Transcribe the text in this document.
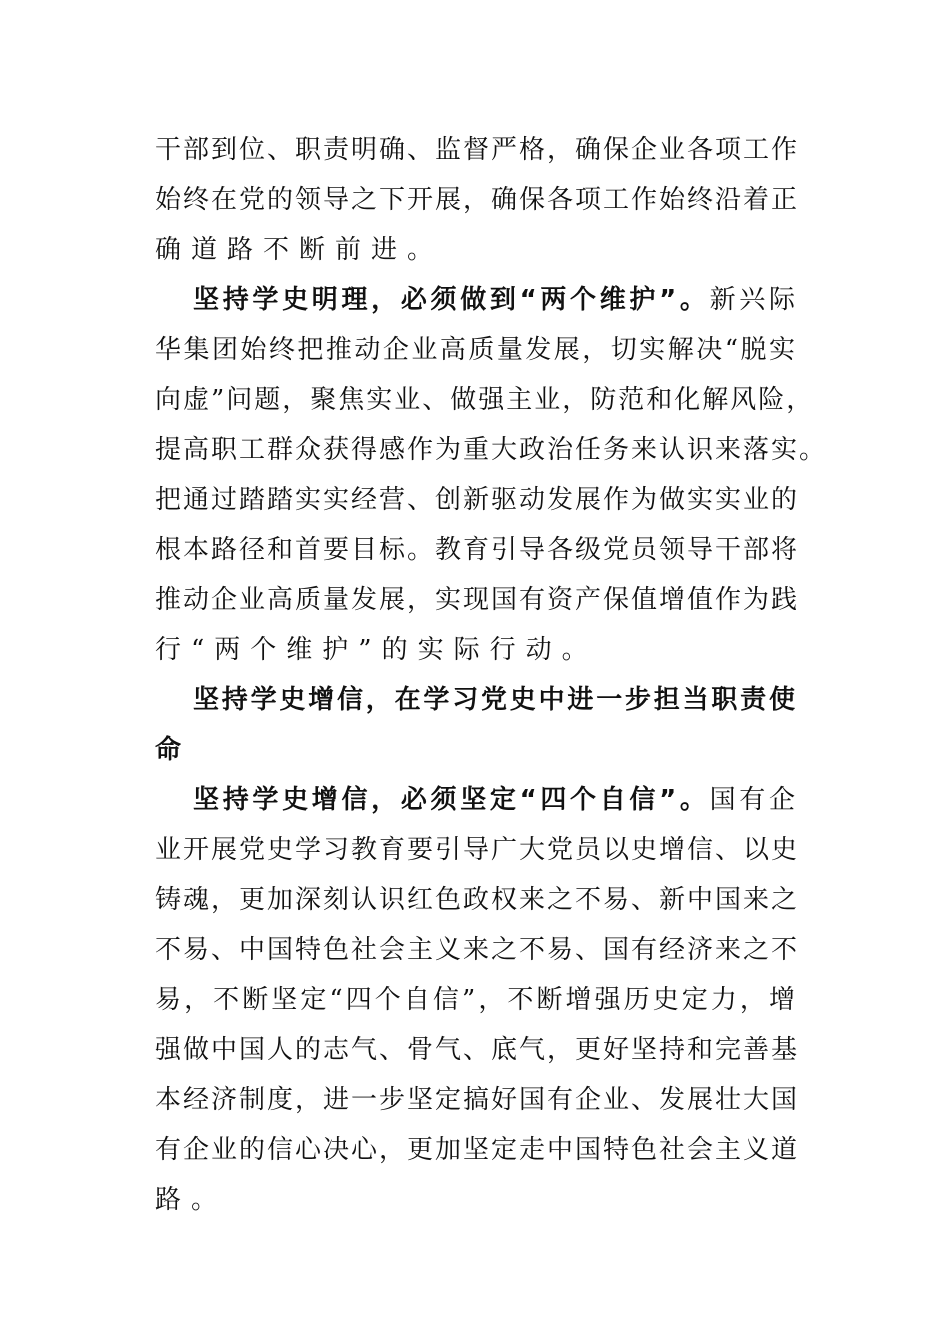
干部到位、职责明确、监督严格，确保企业各项工作
始终在党的领导之下开展，确保各项工作始终沿着正
确道路不断前进。
坚持学史明理，必须做到“两个维护”。新兴际
华集团始终把推动企业高质量发展，切实解决“脱实
向虚”问题，聚焦实业、做强主业，防范和化解风险，
提高职工群众获得感作为重大政治任务来认识来落实。
把通过踏踏实实经营、创新驱动发展作为做实实业的
根本路径和首要目标。教育引导各级党员领导干部将
推动企业高质量发展，实现国有资产保值增值作为践
行“两个维护”的实际行动。
坚持学史增信，在学习党史中进一步担当职责使
命
坚持学史增信，必须坚定“四个自信”。国有企
业开展党史学习教育要引导广大党员以史增信、以史
铸魂，更加深刻认识红色政权来之不易、新中国来之
不易、中国特色社会主义来之不易、国有经济来之不
易，不断坚定“四个自信”，不断增强历史定力，增
强做中国人的志气、骨气、底气，更好坚持和完善基
本经济制度，进一步坚定搞好国有企业、发展壮大国
有企业的信心决心，更加坚定走中国特色社会主义道
路。
